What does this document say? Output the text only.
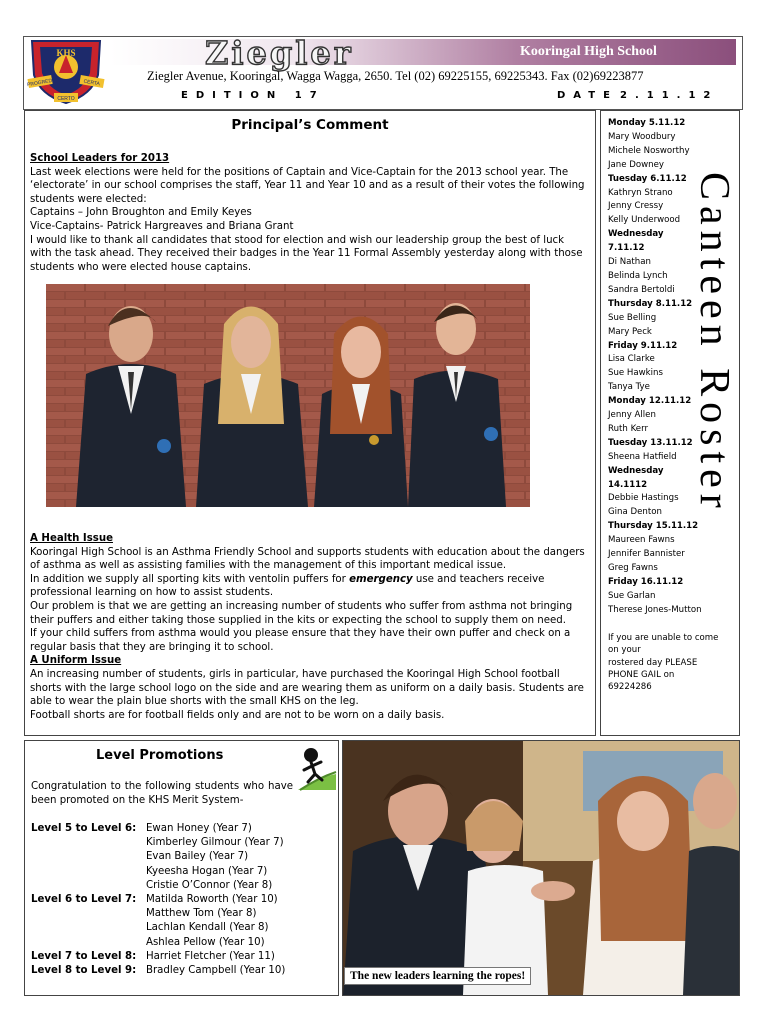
KHS
PROGREDI	CERTA
CERTO
Ziegler	Kooringal High School
Ziegler Avenue, Kooringal, Wagga Wagga, 2650. Tel (02) 69225155, 69225343. Fax (02)69223877
EDITION 17	DATE 2.11.12
Principal’s Comment
School Leaders for 2013
Last week elections were held for the positions of Captain and Vice-Captain for the 2013 school year. The ‘electorate’ in our school comprises the staff, Year 11 and Year 10 and as a result of their votes the following students were elected:
Captains – John Broughton and Emily Keyes
Vice-Captains- Patrick Hargreaves and Briana Grant
I would like to thank all candidates that stood for election and wish our leadership group the best of luck with the task ahead. They received their badges in the Year 11 Formal Assembly yesterday along with those students who were elected house captains.
A Health Issue
Kooringal High School is an Asthma Friendly School and supports students with education about the dangers of asthma as well as assisting families with the management of this important medical issue.
In addition we supply all sporting kits with ventolin puffers for emergency use and teachers receive professional learning on how to assist students.
Our problem is that we are getting an increasing number of students who suffer from asthma not bringing their puffers and either taking those supplied in the kits or expecting the school to supply them on need.
If your child suffers from asthma would you please ensure that they have their own puffer and check on a regular basis that they are bringing it to school.
A Uniform Issue
An increasing number of students, girls in particular, have purchased the Kooringal High School football shorts with the large school logo on the side and are wearing them as uniform on a daily basis. Students are able to wear the plain blue shorts with the small KHS on the leg.
Football shorts are for football fields only and are not to be worn on a daily basis.
Monday 5.11.12
Mary Woodbury
Michele Nosworthy
Jane Downey
Tuesday 6.11.12
Kathryn Strano
Jenny Cressy
Kelly Underwood
Wednesday
7.11.12
Di Nathan
Belinda Lynch
Sandra Bertoldi
Thursday 8.11.12
Sue Belling
Mary Peck
Friday 9.11.12
Lisa Clarke
Sue Hawkins
Tanya Tye
Monday 12.11.12
Jenny Allen
Ruth Kerr
Tuesday 13.11.12
Sheena Hatfield
Wednesday
14.1112
Debbie Hastings
Gina Denton
Thursday 15.11.12
Maureen Fawns
Jennifer Bannister
Greg Fawns
Friday 16.11.12
Sue Garlan
Therese Jones-Mutton
Canteen Roster
If you are unable to come
on your
rostered day PLEASE
PHONE GAIL on
69224286
Level Promotions
Congratulation to the following students who have been promoted on the KHS Merit System-
Level 5 to Level 6: Ewan Honey (Year 7)
Kimberley Gilmour (Year 7)
Evan Bailey (Year 7)
Kyeesha Hogan (Year 7)
Cristie O’Connor (Year 8)
Level 6 to Level 7: Matilda Roworth (Year 10)
Matthew Tom (Year 8)
Lachlan Kendall (Year 8)
Ashlea Pellow (Year 10)
Level 7 to Level 8: Harriet Fletcher (Year 11)
Level 8 to Level 9: Bradley Campbell (Year 10)	The new leaders learning the ropes!
